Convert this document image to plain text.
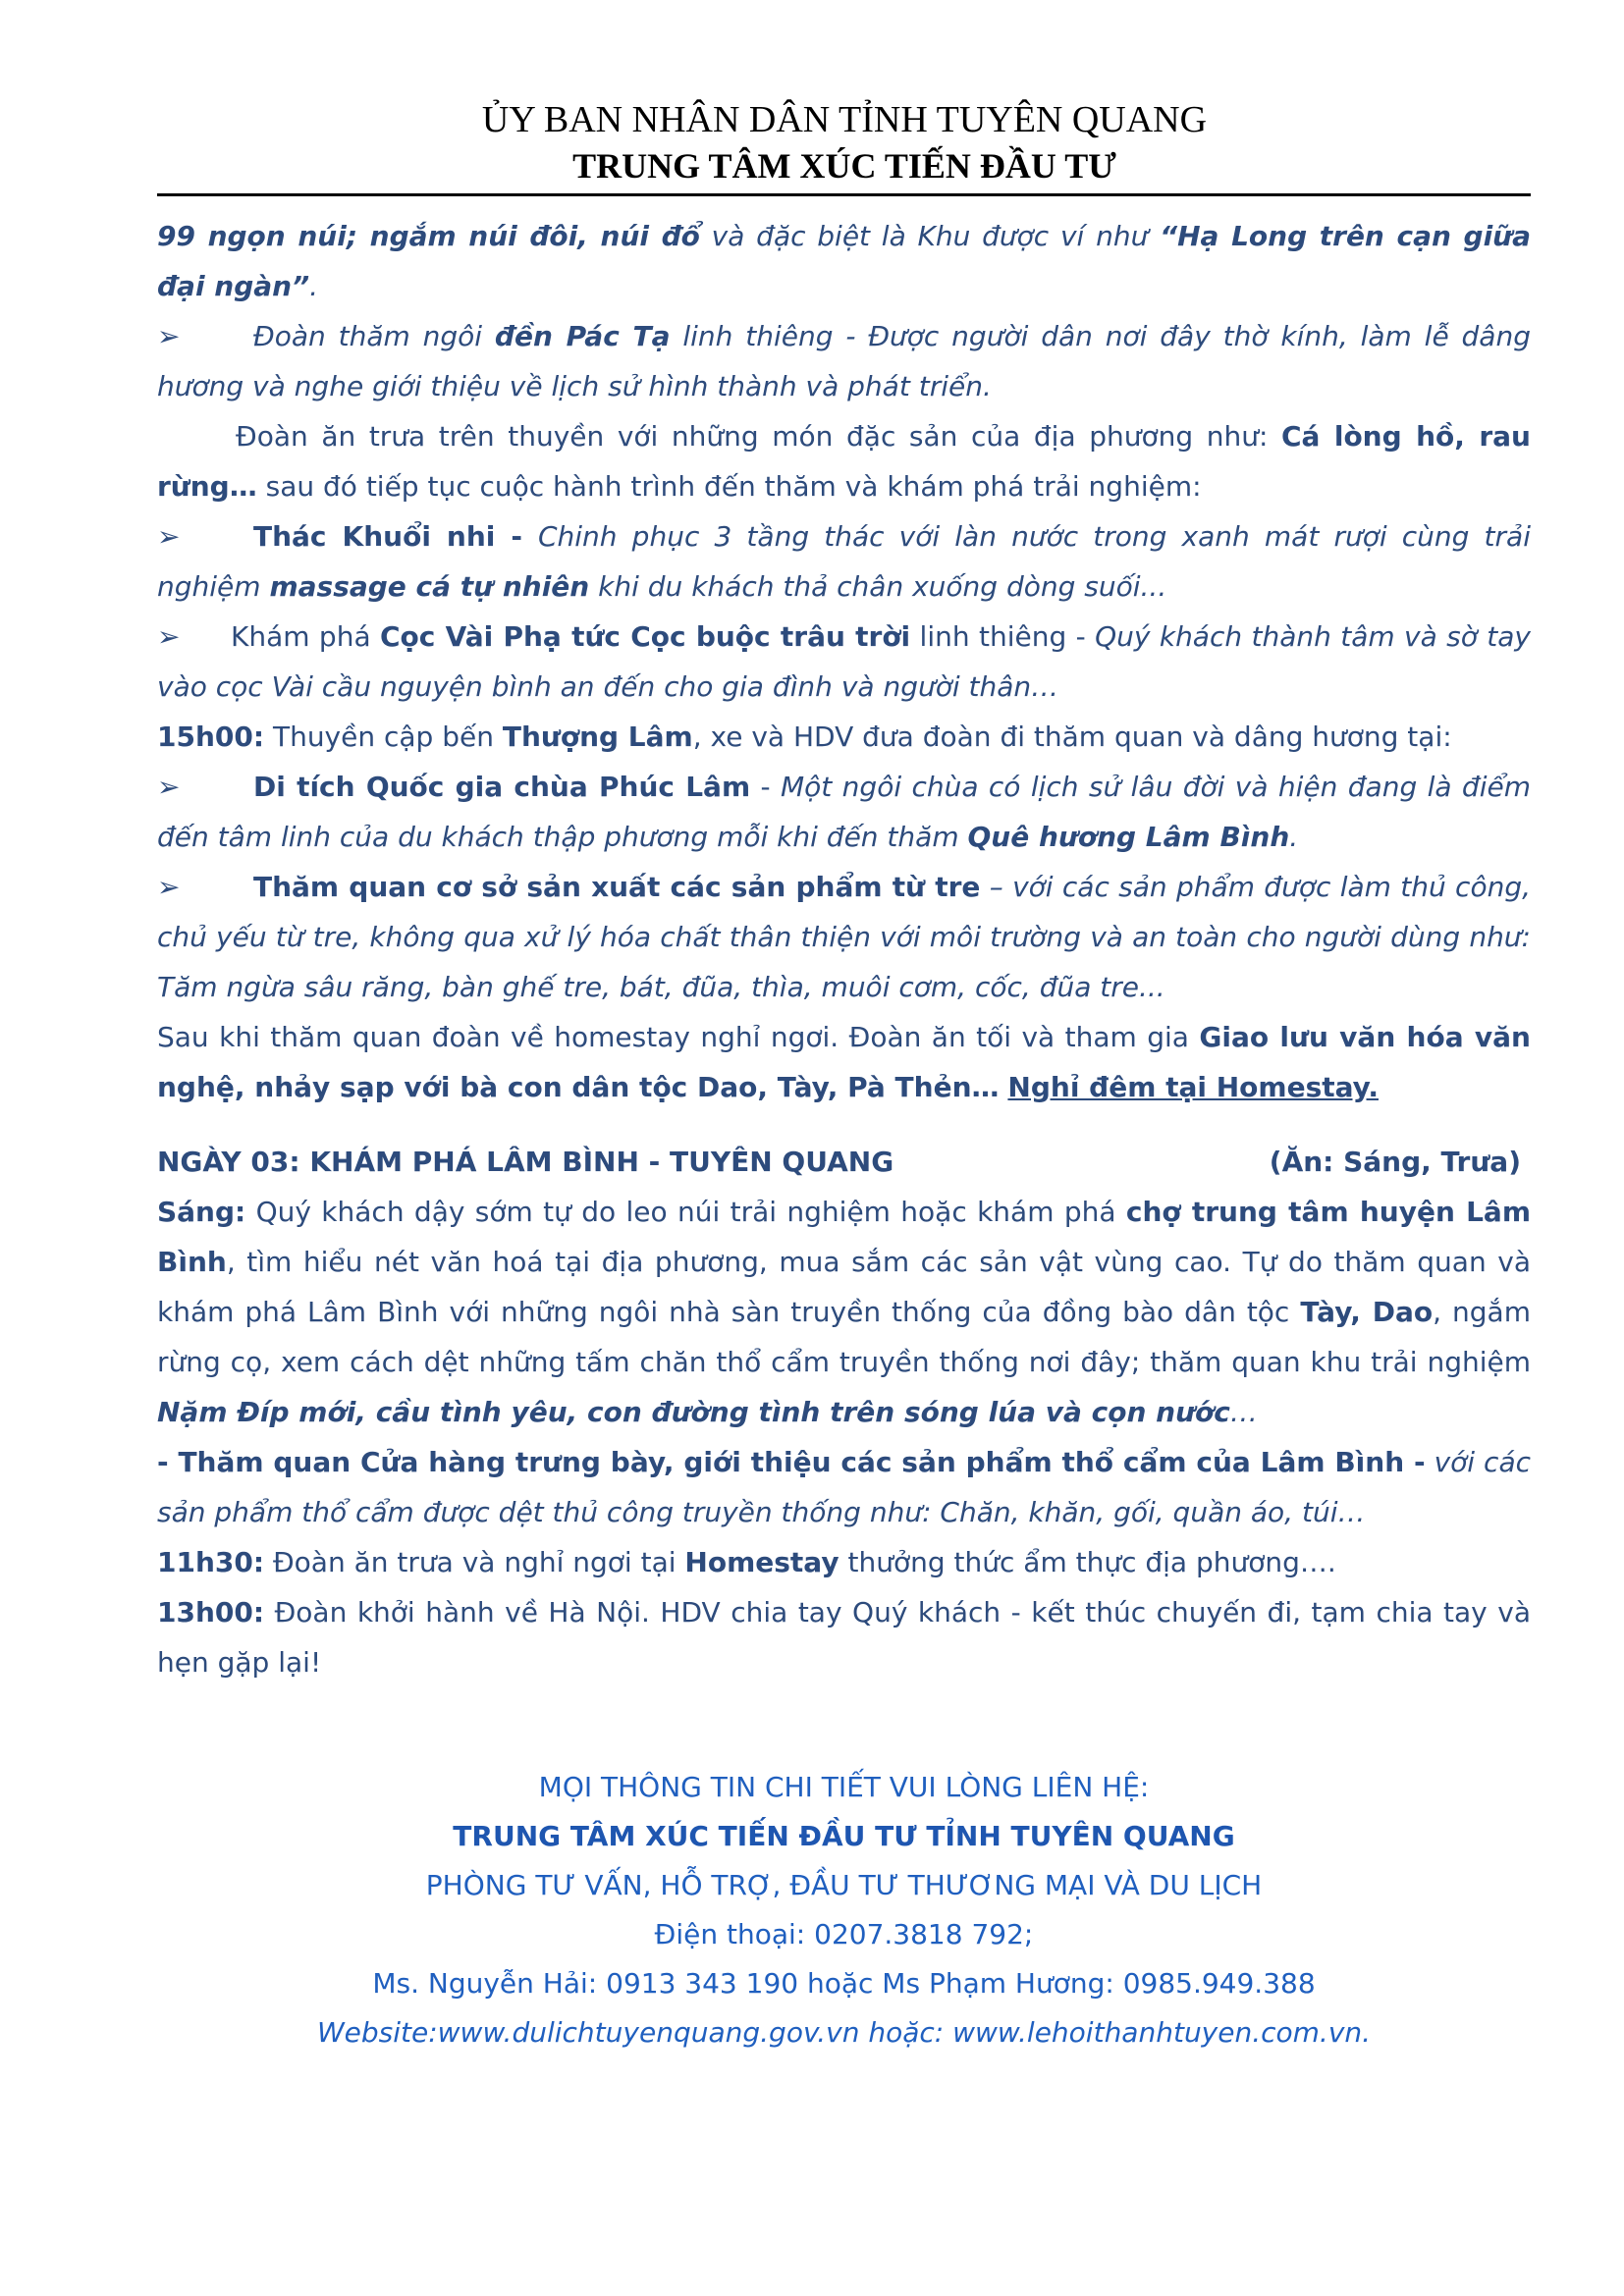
ỦY BAN NHÂN DÂN TỈNH TUYÊN QUANG
TRUNG TÂM XÚC TIẾN ĐẦU TƯ

99 ngọn núi; ngắm núi đôi, núi đổ và đặc biệt là Khu được ví như “Hạ Long trên cạn giữa đại ngàn”.

➢	Đoàn thăm ngôi đền Pác Tạ linh thiêng - Được người dân nơi đây thờ kính, làm lễ dâng hương và nghe giới thiệu về lịch sử hình thành và phát triển.

Đoàn ăn trưa trên thuyền với những món đặc sản của địa phương như: Cá lòng hồ, rau rừng… sau đó tiếp tục cuộc hành trình đến thăm và khám phá trải nghiệm:

➢	Thác Khuổi nhi - Chinh phục 3 tầng thác với làn nước trong xanh mát rượi cùng trải nghiệm massage cá tự nhiên khi du khách thả chân xuống dòng suối...

➢ Khám phá Cọc Vài Phạ tức Cọc buộc trâu trời linh thiêng - Quý khách thành tâm và sờ tay vào cọc Vài cầu nguyện bình an đến cho gia đình và người thân…

15h00: Thuyền cập bến Thượng Lâm, xe và HDV đưa đoàn đi thăm quan và dâng hương tại:

➢	Di tích Quốc gia chùa Phúc Lâm - Một ngôi chùa có lịch sử lâu đời và hiện đang là điểm đến tâm linh của du khách thập phương mỗi khi đến thăm Quê hương Lâm Bình.

➢	Thăm quan cơ sở sản xuất các sản phẩm từ tre – với các sản phẩm được làm thủ công, chủ yếu từ tre, không qua xử lý hóa chất thân thiện với môi trường và an toàn cho người dùng như: Tăm ngừa sâu răng, bàn ghế tre, bát, đũa, thìa, muôi cơm, cốc, đũa tre...

Sau khi thăm quan đoàn về homestay nghỉ ngơi. Đoàn ăn tối và tham gia Giao lưu văn hóa văn nghệ, nhảy sạp với bà con dân tộc Dao, Tày, Pà Thẻn… Nghỉ đêm tại Homestay.

NGÀY 03: KHÁM PHÁ LÂM BÌNH - TUYÊN QUANG	(Ăn: Sáng, Trưa)

Sáng: Quý khách dậy sớm tự do leo núi trải nghiệm hoặc khám phá chợ trung tâm huyện Lâm Bình, tìm hiểu nét văn hoá tại địa phương, mua sắm các sản vật vùng cao. Tự do thăm quan và khám phá Lâm Bình với những ngôi nhà sàn truyền thống của đồng bào dân tộc Tày, Dao, ngắm rừng cọ, xem cách dệt những tấm chăn thổ cẩm truyền thống nơi đây; thăm quan khu trải nghiệm Nặm Đíp mới, cầu tình yêu, con đường tình trên sóng lúa và cọn nước…

- Thăm quan Cửa hàng trưng bày, giới thiệu các sản phẩm thổ cẩm của Lâm Bình - với các sản phẩm thổ cẩm được dệt thủ công truyền thống như: Chăn, khăn, gối, quần áo, túi…

11h30: Đoàn ăn trưa và nghỉ ngơi tại Homestay thưởng thức ẩm thực địa phương….

13h00: Đoàn khởi hành về Hà Nội. HDV chia tay Quý khách - kết thúc chuyến đi, tạm chia tay và hẹn gặp lại!

MỌI THÔNG TIN CHI TIẾT VUI LÒNG LIÊN HỆ:
TRUNG TÂM XÚC TIẾN ĐẦU TƯ TỈNH TUYÊN QUANG
PHÒNG TƯ VẤN, HỖ TRỢ, ĐẦU TƯ THƯƠNG MẠI VÀ DU LỊCH
Điện thoại: 0207.3818 792;
Ms. Nguyễn Hải: 0913 343 190 hoặc Ms Phạm Hương: 0985.949.388
Website:www.dulichtuyenquang.gov.vn hoặc: www.lehoithanhtuyen.com.vn.
